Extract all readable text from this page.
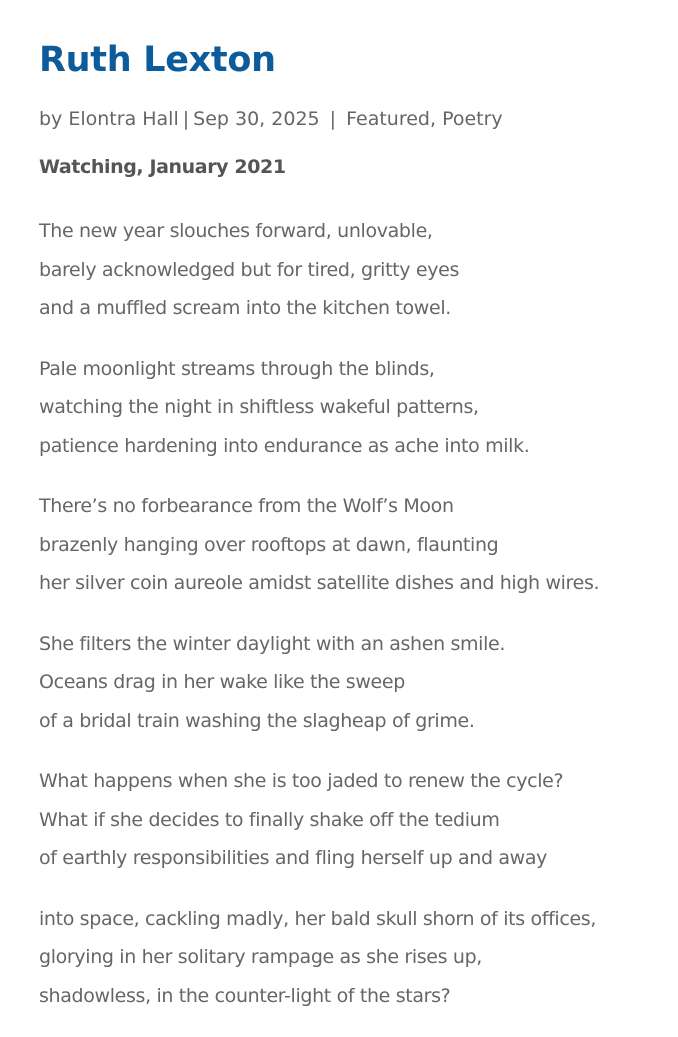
Ruth Lexton
by Elontra Hall | Sep 30, 2025 | Featured, Poetry
Watching, January 2021
The new year slouches forward, unlovable,
barely acknowledged but for tired, gritty eyes
and a muffled scream into the kitchen towel.
Pale moonlight streams through the blinds,
watching the night in shiftless wakeful patterns,
patience hardening into endurance as ache into milk.
There’s no forbearance from the Wolf’s Moon
brazenly hanging over rooftops at dawn, flaunting
her silver coin aureole amidst satellite dishes and high wires.
She filters the winter daylight with an ashen smile.
Oceans drag in her wake like the sweep
of a bridal train washing the slagheap of grime.
What happens when she is too jaded to renew the cycle?
What if she decides to finally shake off the tedium
of earthly responsibilities and fling herself up and away
into space, cackling madly, her bald skull shorn of its offices,
glorying in her solitary rampage as she rises up,
shadowless, in the counter-light of the stars?
